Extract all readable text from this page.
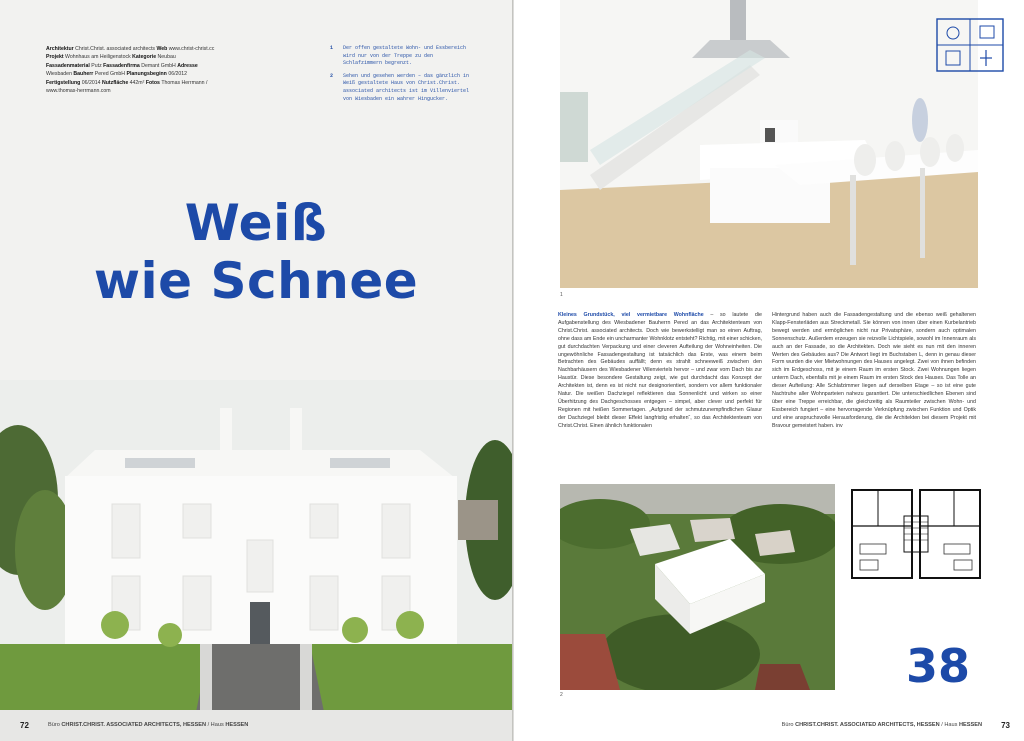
Architektur Christ.Christ. associated architects Web www.christ-christ.cc Projekt Wohnhaus am Heiligenstock Kategorie Neubau Fassadenmaterial Putz Fassadenfirma Demant GmbH Adresse Wiesbaden Bauherr Pered GmbH Planungsbeginn 06/2012 Fertigstellung 06/2014 Nutzfläche 442m² Fotos Thomas Herrmann / www.thomas-herrmann.com
1	Der offen gestaltete Wohn- und Essbereich wird nur von der Treppe zu den Schlafzimmern begrenzt.
2	Sehen und gesehen werden – das gänzlich in Weiß gestaltete Haus von Christ.Christ. associated architects ist im Villenviertel von Wiesbaden ein wahrer Hingucker.
Weiß
wie Schnee
72	Büro CHRIST.CHRIST. ASSOCIATED ARCHITECTS, HESSEN / Haus HESSEN
1
Kleines Grundstück, viel vermietbare Wohnfläche – so lautete die Aufgabenstellung des Wiesbadener Bauherrn Pered an das Architektenteam von Christ.Christ. associated architects. Doch wie bewerkstelligt man so einen Auftrag, ohne dass am Ende ein uncharmanter Wohnklotz entsteht? Richtig, mit einer schicken, gut durchdachten Verpackung und einer cleveren Aufteilung der Wohneinheiten. Die ungewöhnliche Fassadengestaltung ist tatsächlich das Erste, was einem beim Betrachten des Gebäudes auffällt; denn es strahlt schneeweiß zwischen den Nachbarhäusern des Wiesbadener Villenviertels hervor – und zwar vom Dach bis zur Haustür. Diese besondere Gestaltung zeigt, wie gut durchdacht das Konzept der Architekten ist, denn es ist nicht nur designorientiert, sondern vor allem funktionaler Natur. Die weißen Dachziegel reflektieren das Sonnenlicht und wirken so einer Überhitzung des Dachgeschosses entgegen – simpel, aber clever und perfekt für Regionen mit heißen Sommertagen. „Aufgrund der schmutzunempfindlichen Glasur der Dachziegel bleibt dieser Effekt langfristig erhalten“, so das Architektenteam von Christ.Christ. Einen ähnlich funktionalen
Hintergrund haben auch die Fassadengestaltung und die ebenso weiß gehaltenen Klapp-Fensterläden aus Streckmetall. Sie können von innen über einen Kurbelantrieb bewegt werden und ermöglichen nicht nur Privatsphäre, sondern auch optimalen Sonnenschutz. Außerdem erzeugen sie reizvolle Lichtspiele, sowohl im Innenraum als auch an der Fassade, so die Architekten. Doch wie sieht es nun mit den inneren Werten des Gebäudes aus? Die Antwort liegt im Buchstaben L, denn in genau dieser Form wurden die vier Mietwohnungen des Hauses angelegt. Zwei von ihnen befinden sich im Erdgeschoss, mit je einem Raum im ersten Stock. Zwei Wohnungen liegen unterm Dach, ebenfalls mit je einem Raum im ersten Stock des Hauses. Das Tolle an dieser Aufteilung: Alle Schlafzimmer liegen auf derselben Etage – so ist eine gute Nachtruhe aller Wohnparteien nahezu garantiert. Die unterschiedlichen Ebenen sind über eine Treppe erreichbar, die gleichzeitig als Raumteiler zwischen Wohn- und Essbereich fungiert – eine hervorragende Verknüpfung zwischen Funktion und Optik und eine anspruchsvolle Herausforderung, die die Architekten bei diesem Projekt mit Bravour gemeistert haben. inv
2
38
Büro CHRIST.CHRIST. ASSOCIATED ARCHITECTS, HESSEN / Haus HESSEN 73
